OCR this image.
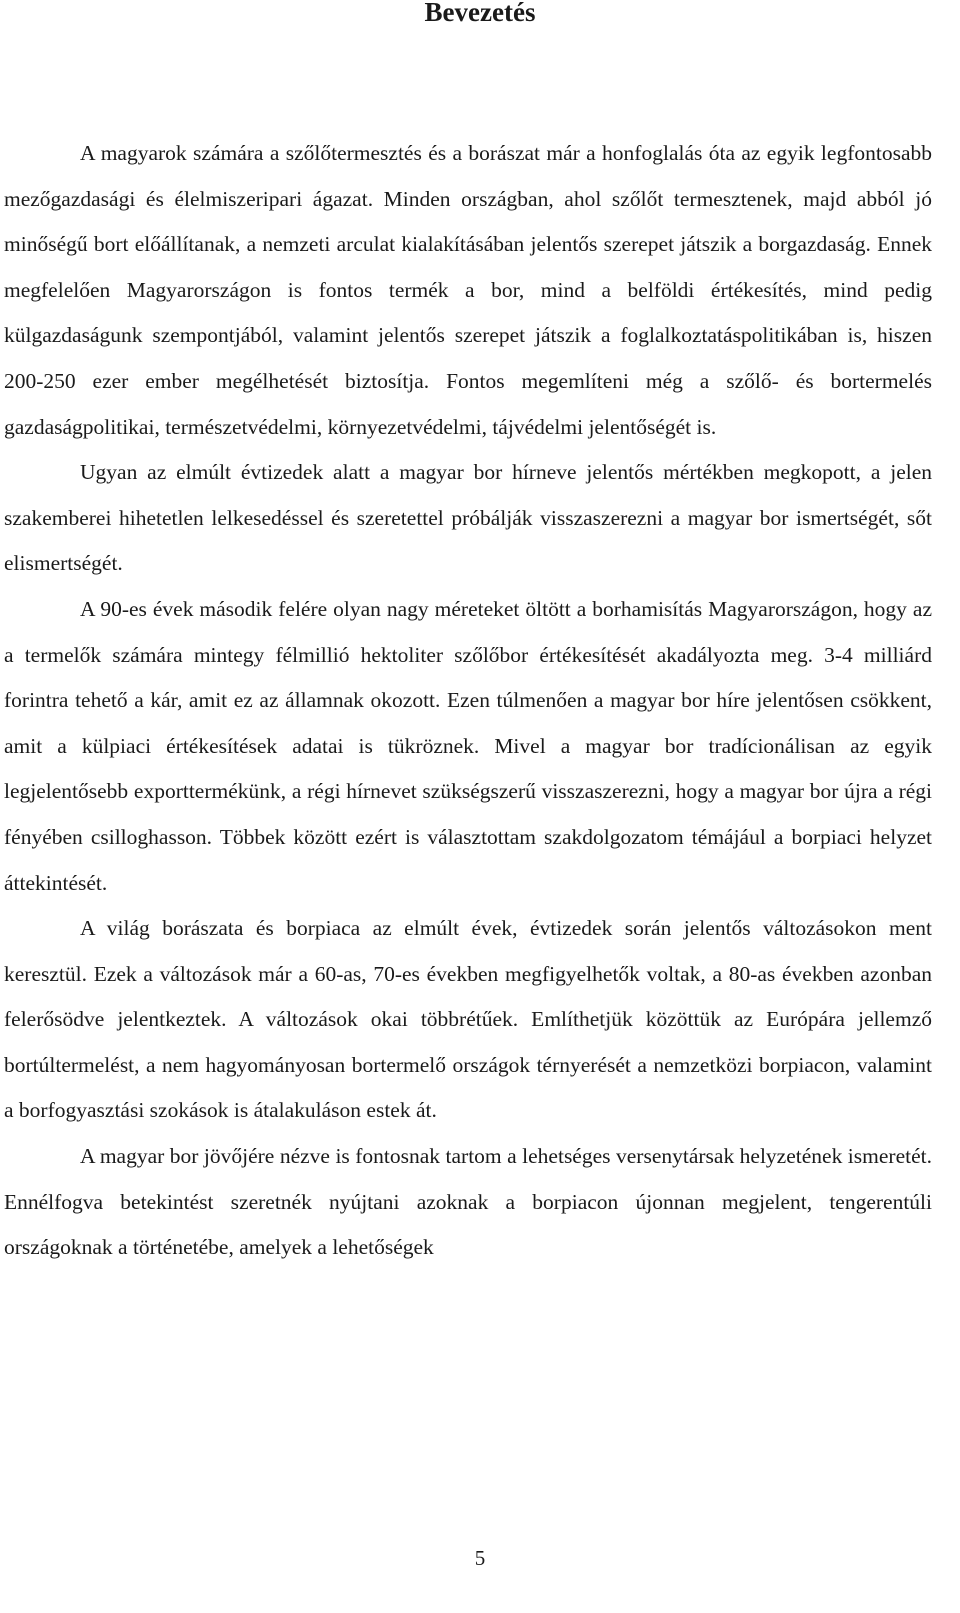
Bevezetés

A magyarok számára a szőlőtermesztés és a borászat már a honfoglalás óta az egyik legfontosabb mezőgazdasági és élelmiszeripari ágazat. Minden országban, ahol szőlőt termesztenek, majd abból jó minőségű bort előállítanak, a nemzeti arculat kialakításában jelentős szerepet játszik a borgazdaság. Ennek megfelelően Magyarországon is fontos termék a bor, mind a belföldi értékesítés, mind pedig külgazdaságunk szempontjából, valamint jelentős szerepet játszik a foglalkoztatáspolitikában is, hiszen 200-250 ezer ember megélhetését biztosítja. Fontos megemlíteni még a szőlő- és bortermelés gazdaságpolitikai, természetvédelmi, környezetvédelmi, tájvédelmi jelentőségét is.

Ugyan az elmúlt évtizedek alatt a magyar bor hírneve jelentős mértékben megkopott, a jelen szakemberei hihetetlen lelkesedéssel és szeretettel próbálják visszaszerezni a magyar bor ismertségét, sőt elismertségét.

A 90-es évek második felére olyan nagy méreteket öltött a borhamisítás Magyarországon, hogy az a termelők számára mintegy félmillió hektoliter szőlőbor értékesítését akadályozta meg. 3-4 milliárd forintra tehető a kár, amit ez az államnak okozott. Ezen túlmenően a magyar bor híre jelentősen csökkent, amit a külpiaci értékesítések adatai is tükröznek. Mivel a magyar bor tradícionálisan az egyik legjelentősebb exporttermékünk, a régi hírnevet szükségszerű visszaszerezni, hogy a magyar bor újra a régi fényében csilloghasson. Többek között ezért is választottam szakdolgozatom témájául a borpiaci helyzet áttekintését.

A világ borászata és borpiaca az elmúlt évek, évtizedek során jelentős változásokon ment keresztül. Ezek a változások már a 60-as, 70-es években megfigyelhetők voltak, a 80-as években azonban felerősödve jelentkeztek. A változások okai többrétűek. Említhetjük közöttük az Európára jellemző bortúltermelést, a nem hagyományosan bortermelő országok térnyerését a nemzetközi borpiacon, valamint a borfogyasztási szokások is átalakuláson estek át.

A magyar bor jövőjére nézve is fontosnak tartom a lehetséges versenytársak helyzetének ismeretét. Ennélfogva betekintést szeretnék nyújtani azoknak a borpiacon újonnan megjelent, tengerentúli országoknak a történetébe, amelyek a lehetőségek

5
